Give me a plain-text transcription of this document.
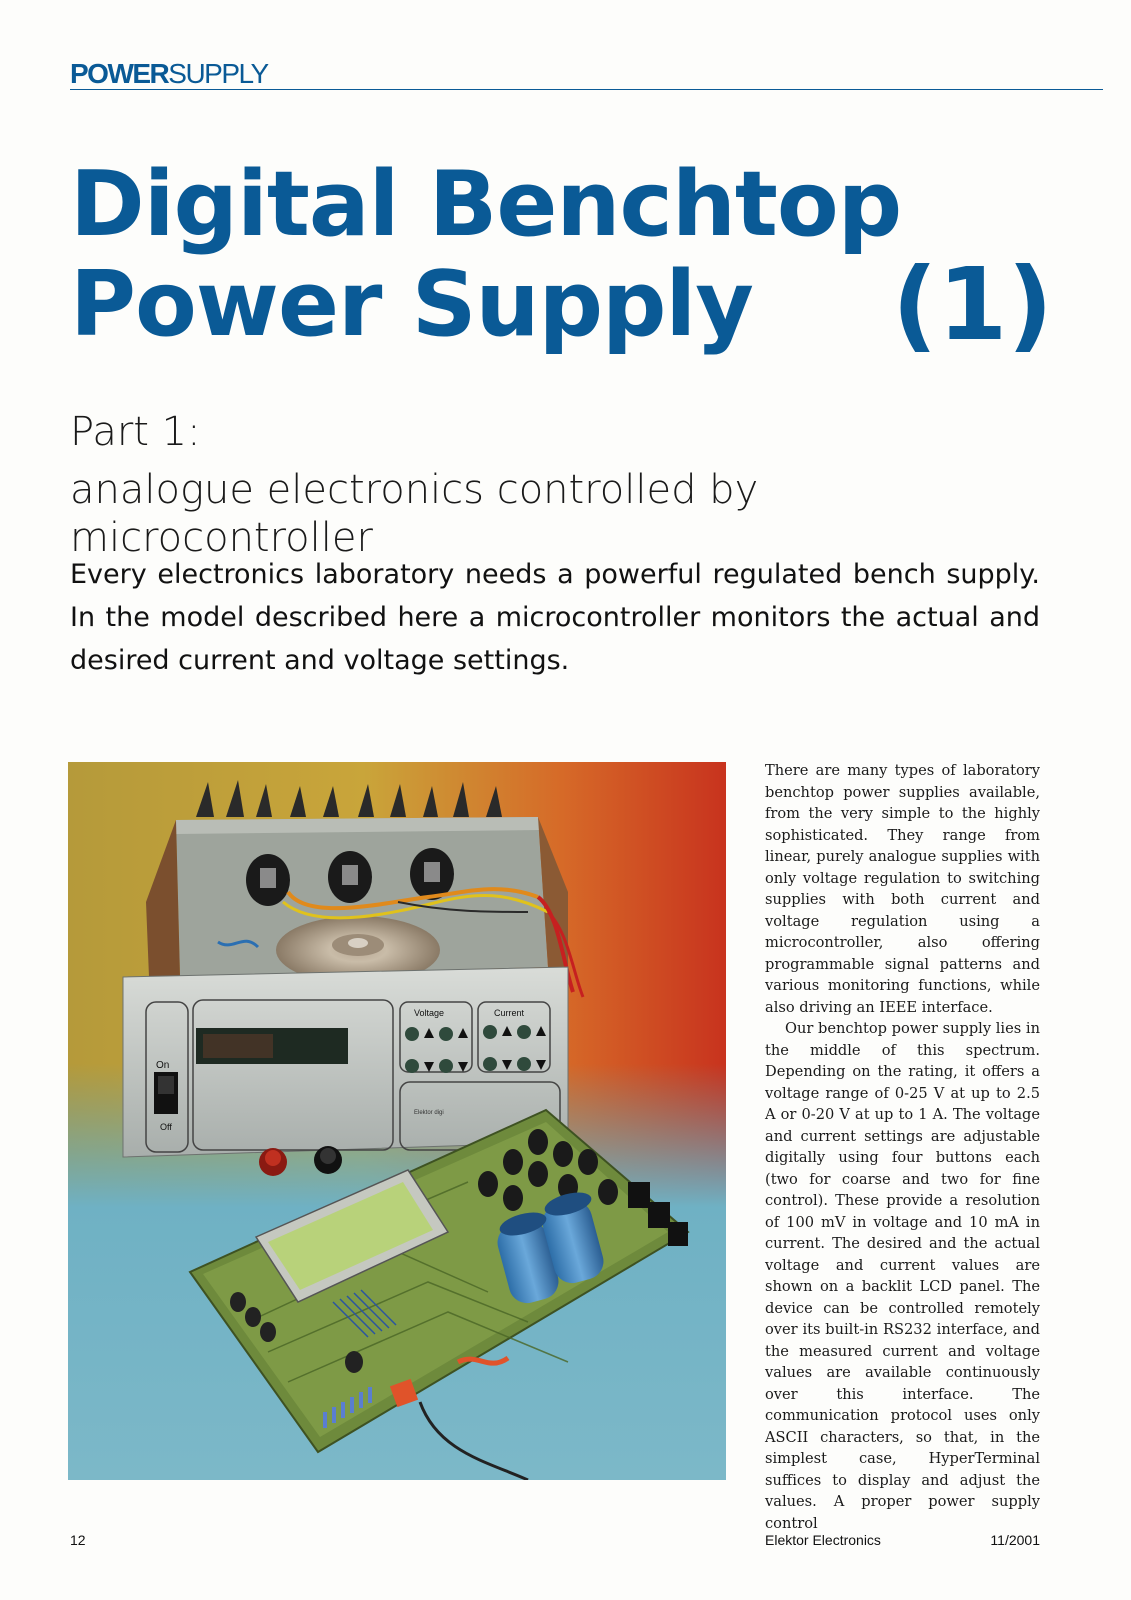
POWERSUPPLY
Digital Benchtop
Power Supply	(1)
Part 1:
analogue electronics controlled by microcontroller
Every electronics laboratory needs a powerful regulated bench supply. In the model described here a microcontroller monitors the actual and desired current and voltage settings.
On
Off
Voltage	Current
Elektor digi

There are many types of laboratory benchtop power supplies available, from the very simple to the highly sophisticated. They range from linear, purely analogue supplies with only voltage regulation to switching supplies with both current and voltage regulation using a microcontroller, also offering programmable signal patterns and various monitoring functions, while also driving an IEEE interface.

Our benchtop power supply lies in the middle of this spectrum. Depending on the rating, it offers a voltage range of 0-25 V at up to 2.5 A or 0-20 V at up to 1 A. The voltage and current settings are adjustable digitally using four buttons each (two for coarse and two for fine control). These provide a resolution of 100 mV in voltage and 10 mA in current. The desired and the actual voltage and current values are shown on a backlit LCD panel. The device can be controlled remotely over its built-in RS232 interface, and the measured current and voltage values are available continuously over this interface. The communication protocol uses only ASCII characters, so that, in the simplest case, HyperTerminal suffices to display and adjust the values. A proper power supply control

12	Elektor Electronics	11/2001
